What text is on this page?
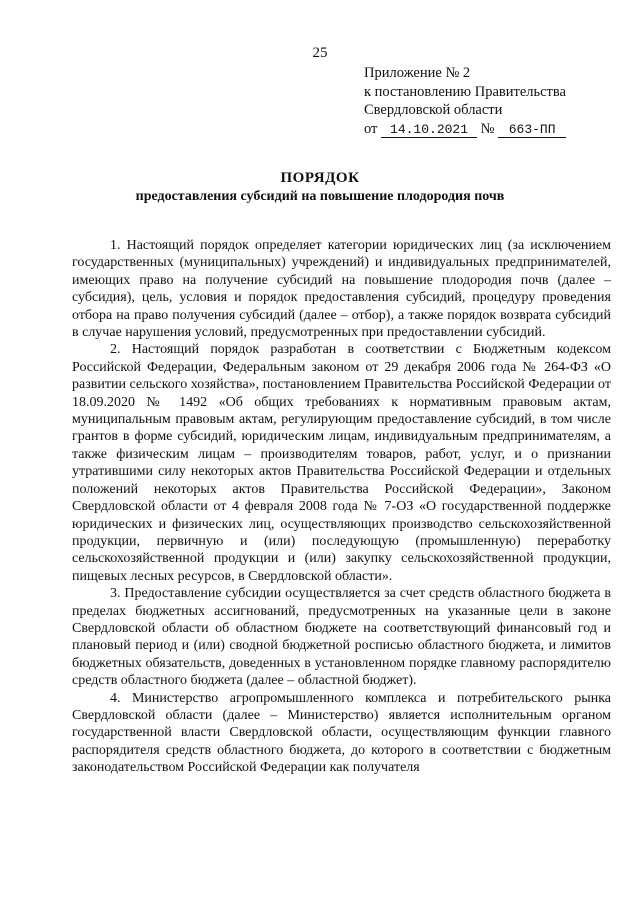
25
Приложение № 2
к постановлению Правительства
Свердловской области
от 14.10.2021 № 663-ПП
ПОРЯДОК
предоставления субсидий на повышение плодородия почв

1. Настоящий порядок определяет категории юридических лиц (за исключением государственных (муниципальных) учреждений) и индивидуальных предпринимателей, имеющих право на получение субсидий на повышение плодородия почв (далее – субсидия), цель, условия и порядок предоставления субсидий, процедуру проведения отбора на право получения субсидий (далее – отбор), а также порядок возврата субсидий в случае нарушения условий, предусмотренных при предоставлении субсидий.

2. Настоящий порядок разработан в соответствии с Бюджетным кодексом Российской Федерации, Федеральным законом от 29 декабря 2006 года № 264-ФЗ «О развитии сельского хозяйства», постановлением Правительства Российской Федерации от 18.09.2020 № 1492 «Об общих требованиях к нормативным правовым актам, муниципальным правовым актам, регулирующим предоставление субсидий, в том числе грантов в форме субсидий, юридическим лицам, индивидуальным предпринимателям, а также физическим лицам – производителям товаров, работ, услуг, и о признании утратившими силу некоторых актов Правительства Российской Федерации и отдельных положений некоторых актов Правительства Российской Федерации», Законом Свердловской области от 4 февраля 2008 года № 7-ОЗ «О государственной поддержке юридических и физических лиц, осуществляющих производство сельскохозяйственной продукции, первичную и (или) последующую (промышленную) переработку сельскохозяйственной продукции и (или) закупку сельскохозяйственной продукции, пищевых лесных ресурсов, в Свердловской области».

3. Предоставление субсидии осуществляется за счет средств областного бюджета в пределах бюджетных ассигнований, предусмотренных на указанные цели в законе Свердловской области об областном бюджете на соответствующий финансовый год и плановый период и (или) сводной бюджетной росписью областного бюджета, и лимитов бюджетных обязательств, доведенных в установленном порядке главному распорядителю средств областного бюджета (далее – областной бюджет).

4. Министерство агропромышленного комплекса и потребительского рынка Свердловской области (далее – Министерство) является исполнительным органом государственной власти Свердловской области, осуществляющим функции главного распорядителя средств областного бюджета, до которого в соответствии с бюджетным законодательством Российской Федерации как получателя
